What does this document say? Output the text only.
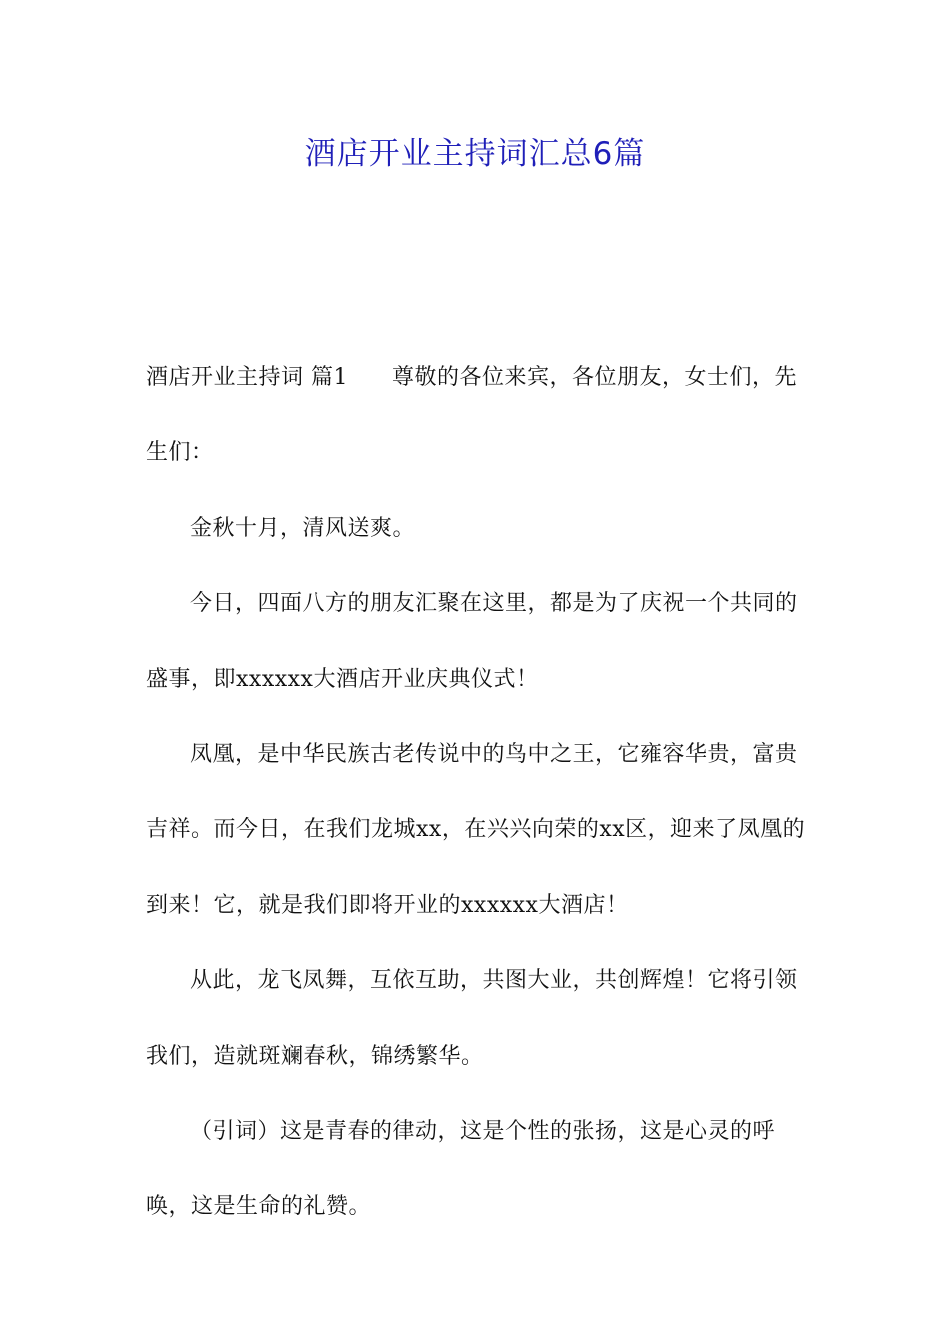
酒店开业主持词汇总6篇

酒店开业主持词 篇1 尊敬的各位来宾，各位朋友，女士们，先生们：

金秋十月，清风送爽。

今日，四面八方的朋友汇聚在这里，都是为了庆祝一个共同的盛事，即xxxxxx大酒店开业庆典仪式！

凤凰，是中华民族古老传说中的鸟中之王，它雍容华贵，富贵吉祥。而今日，在我们龙城xx，在兴兴向荣的xx区，迎来了凤凰的到来！它，就是我们即将开业的xxxxxx大酒店！

从此，龙飞凤舞，互依互助，共图大业，共创辉煌！它将引领我们，造就斑斓春秋，锦绣繁华。

（引词）这是青春的律动，这是个性的张扬，这是心灵的呼唤，这是生命的礼赞。
